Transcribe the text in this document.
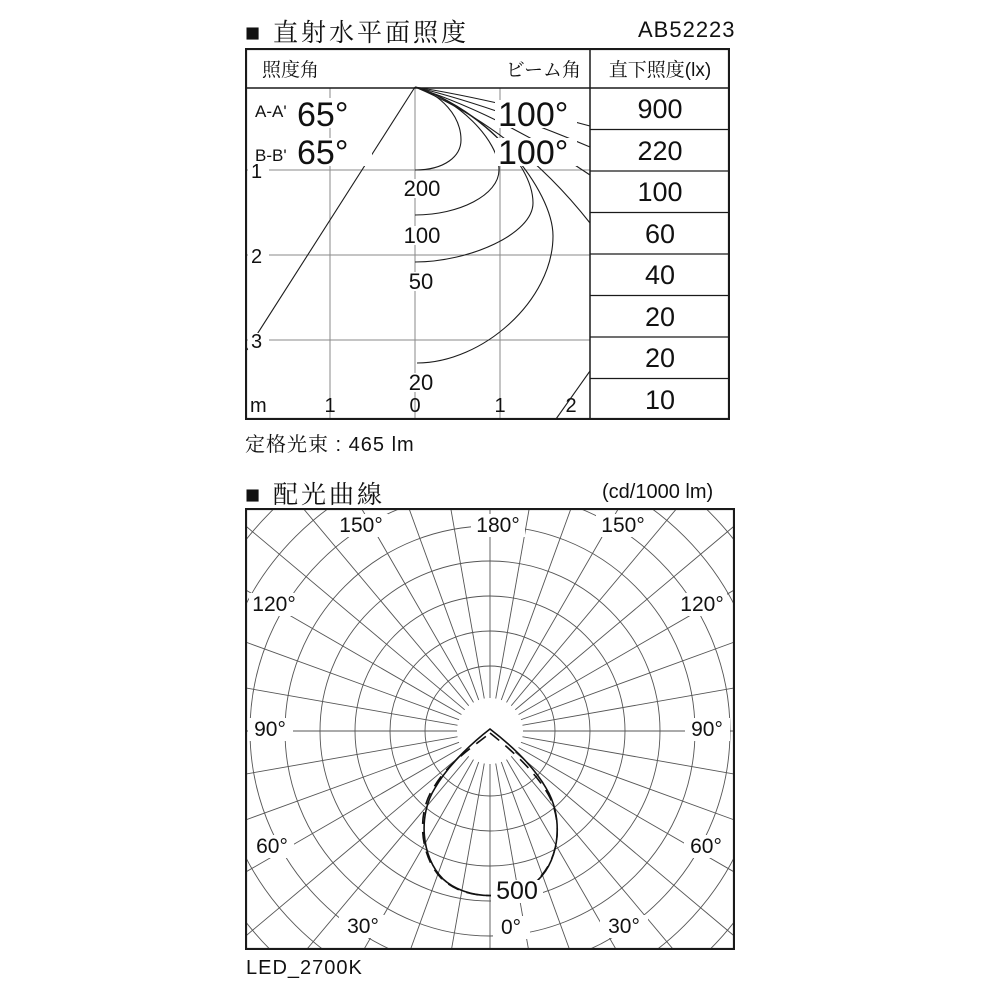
■ 直射水平面照度	AB52223
照度角	ビーム角 直下照度(lx)
A-A' 65°	100°
B-B' 65°	100°
200
100
50
20
1
2
3
m	1	0	1	2
900
220
100
60
40
20
20
10
定格光束 : 465 lm
■ 配光曲線	(cd/1000 lm)
150°	180°	150°
120°	120°
90°	90°
60°	60°
30°	0°	30°
500
LED_2700K
